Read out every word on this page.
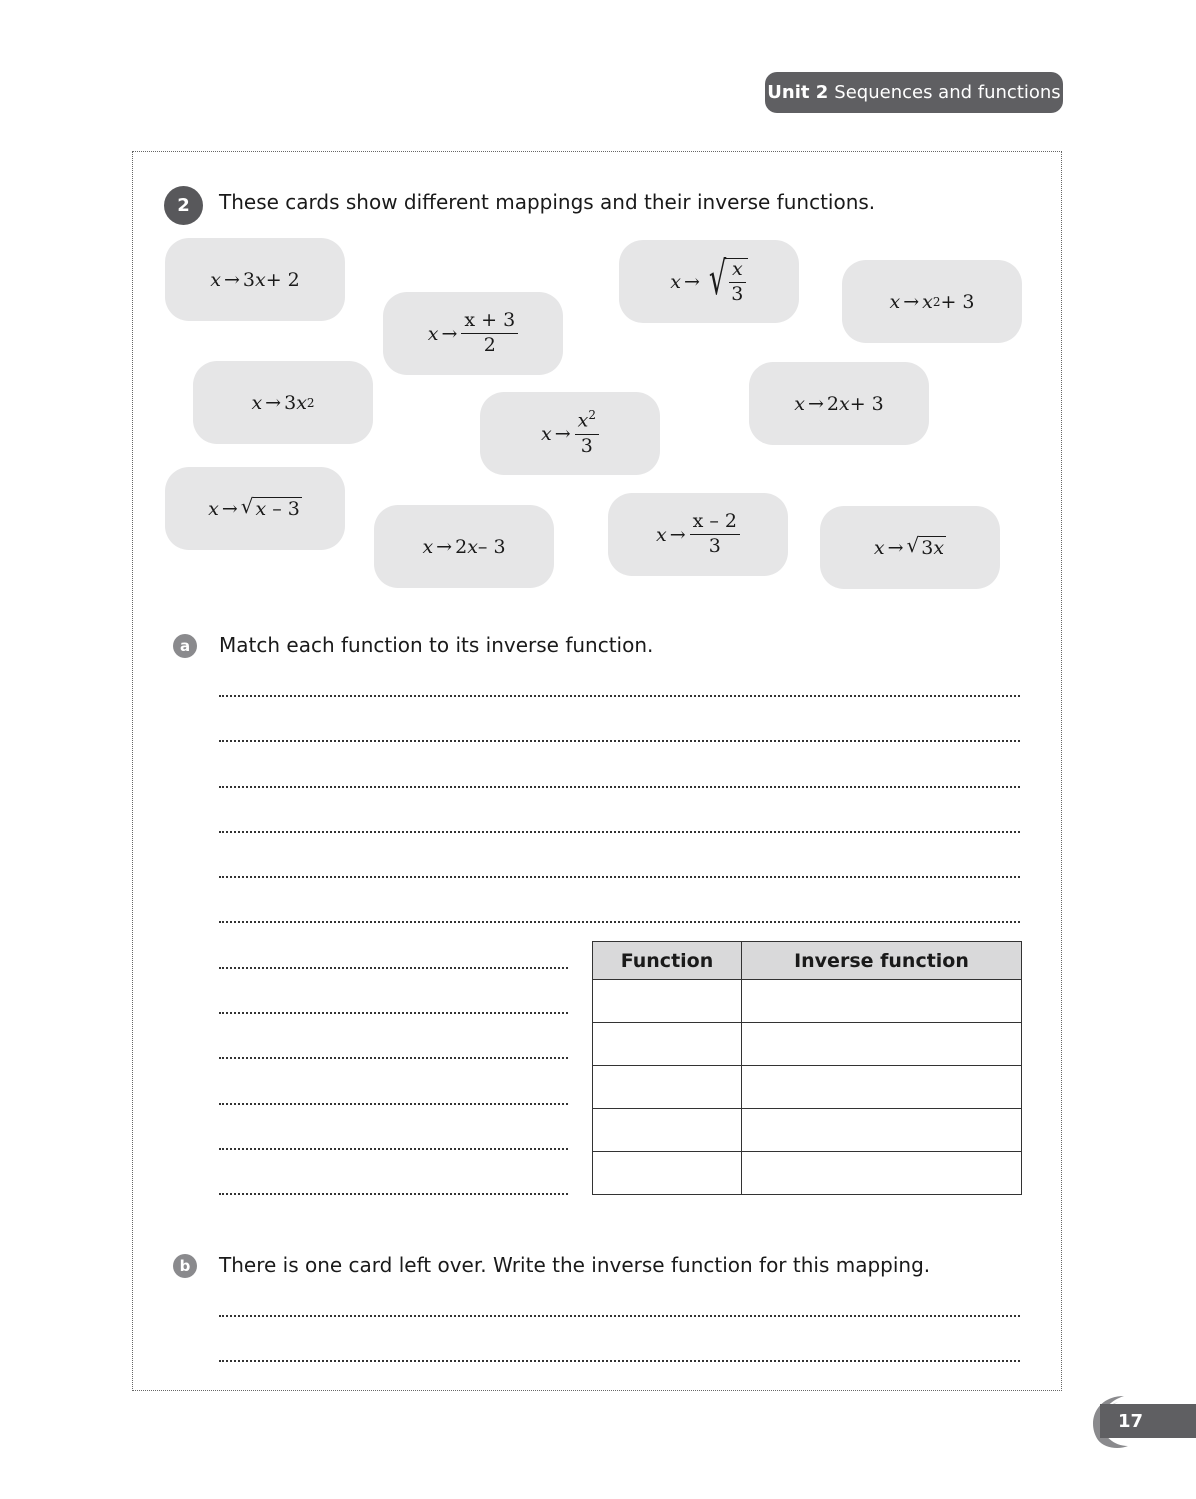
Unit 2 Sequences and functions
2	These cards show different mappings and their inverse functions.
x → 3 x + 2
$x \to \frac{x + 3}{2}$
x → √ $\frac{x}{3}$	x → x 2 + 3
x → 3 x 2
$x \to \frac{x^2}{3}$
x → 2 x + 3
x → √ x – 3
x → 2 x – 3
$x \to \frac{x - 2}{3}$	x → √ 3x
a	Match each function to its inverse function.
Function	Inverse function

b	There is one card left over. Write the inverse function for this mapping.
17
